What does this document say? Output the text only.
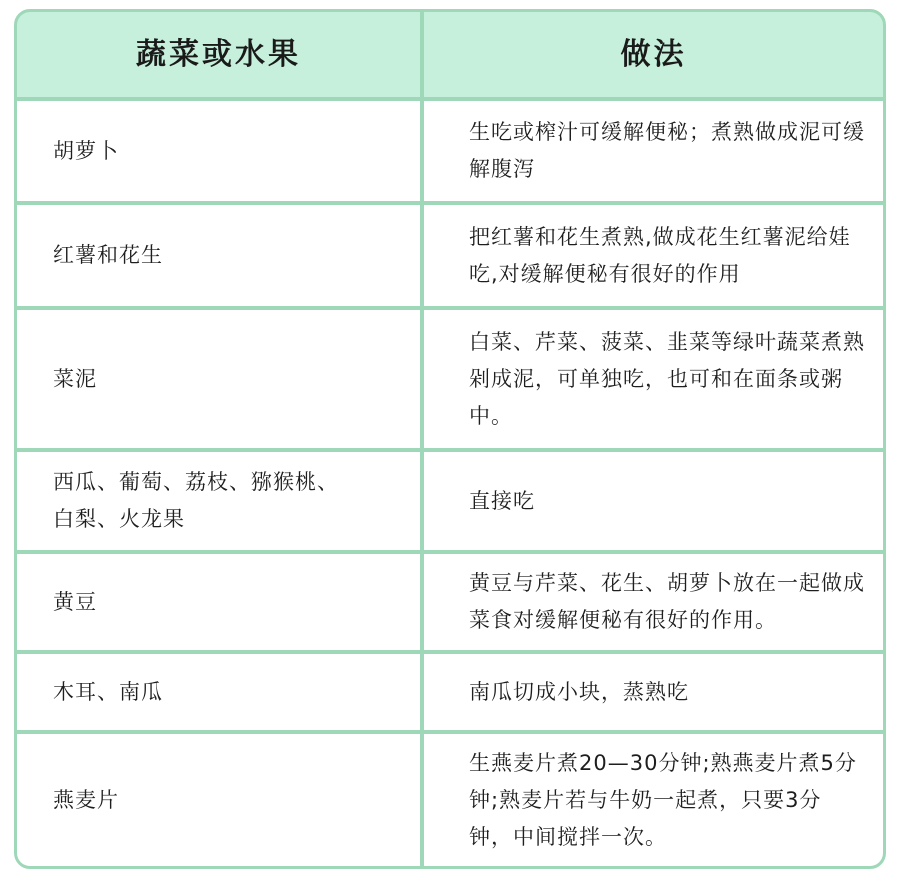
蔬菜或水果	做法
胡萝卜
生吃或榨汁可缓解便秘；煮熟做成泥可缓解腹泻
红薯和花生
把红薯和花生煮熟,做成花生红薯泥给娃吃,对缓解便秘有很好的作用
菜泥
白菜、芹菜、菠菜、韭菜等绿叶蔬菜煮熟剁成泥，可单独吃，也可和在面条或粥中。
西瓜、葡萄、荔枝、猕猴桃、白梨、火龙果
直接吃
黄豆
黄豆与芹菜、花生、胡萝卜放在一起做成菜食对缓解便秘有很好的作用。
木耳、南瓜	南瓜切成小块，蒸熟吃
燕麦片
生燕麦片煮20—30分钟;熟燕麦片煮5分钟;熟麦片若与牛奶一起煮，只要3分钟，中间搅拌一次。
